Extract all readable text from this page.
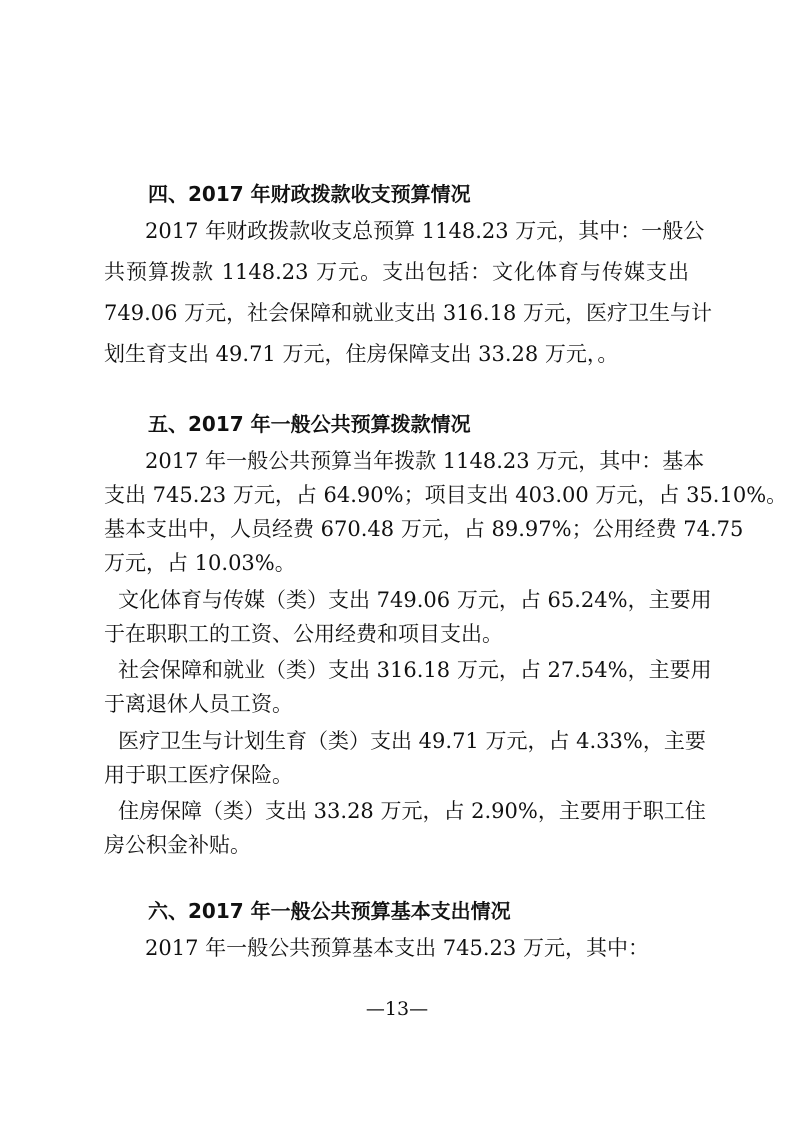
四、2017 年财政拨款收支预算情况
2017 年财政拨款收支总预算 1148.23 万元，其中：一般公
共预算拨款 1148.23 万元。支出包括：文化体育与传媒支出
749.06 万元，社会保障和就业支出 316.18 万元，医疗卫生与计
划生育支出 49.71 万元，住房保障支出 33.28 万元，。
五、2017 年一般公共预算拨款情况
2017 年一般公共预算当年拨款 1148.23 万元，其中：基本
支出 745.23 万元，占 64.90%；项目支出 403.00 万元，占 35.10%。
基本支出中，人员经费 670.48 万元，占 89.97%；公用经费 74.75
万元，占 10.03%。
文化体育与传媒（类）支出 749.06 万元，占 65.24%，主要用
于在职职工的工资、公用经费和项目支出。
社会保障和就业（类）支出 316.18 万元，占 27.54%，主要用
于离退休人员工资。
医疗卫生与计划生育（类）支出 49.71 万元，占 4.33%，主要
用于职工医疗保险。
住房保障（类）支出 33.28 万元，占 2.90%，主要用于职工住
房公积金补贴。
六、2017 年一般公共预算基本支出情况
2017 年一般公共预算基本支出 745.23 万元，其中：
—13—
